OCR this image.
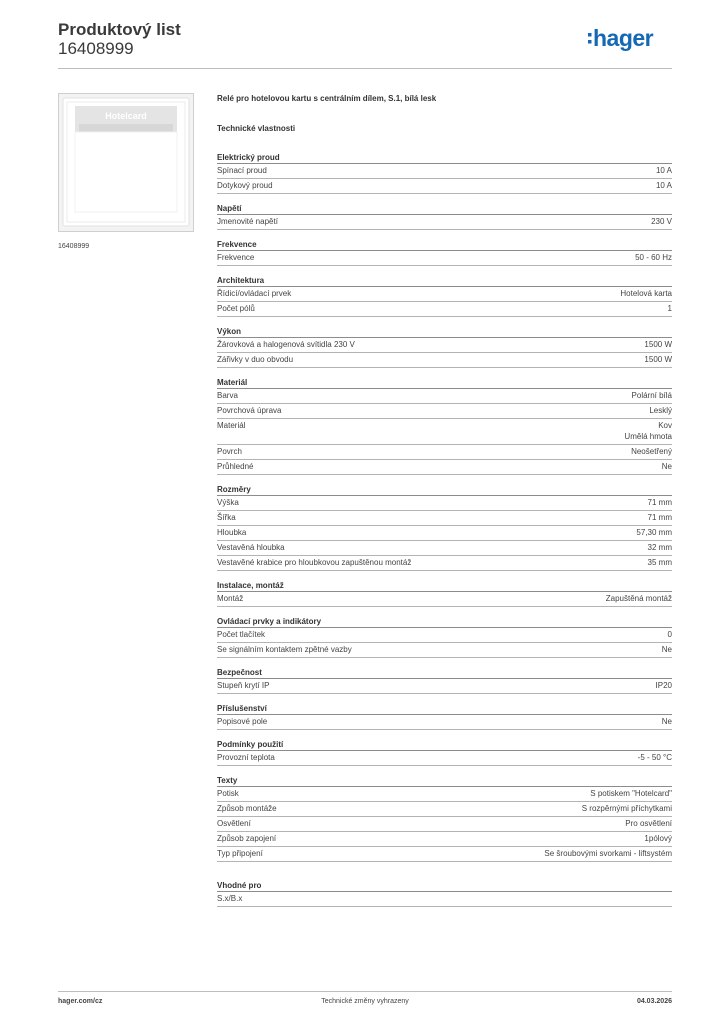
Produktový list
16408999	hager
Hotelcard
16408999
Relé pro hotelovou kartu s centrálním dílem, S.1, bílá lesk
Technické vlastnosti
Elektrický proud
Spínací proud	10 A
Dotykový proud	10 A
Napětí
Jmenovité napětí	230 V
Frekvence
Frekvence	50 - 60 Hz
Architektura
Řídicí/ovládací prvek	Hotelová karta
Počet pólů	1
Výkon
Žárovková a halogenová svítidla 230 V	1500 W
Zářivky v duo obvodu	1500 W
Materiál
Barva	Polární bílá
Povrchová úprava	Lesklý
Materiál	Kov
Umělá hmota
Povrch	Neošetřený
Průhledné	Ne
Rozměry
Výška	71 mm
Šířka	71 mm
Hloubka	57,30 mm
Vestavěná hloubka	32 mm
Vestavěné krabice pro hloubkovou zapuštěnou montáž	35 mm
Instalace, montáž
Montáž	Zapuštěná montáž
Ovládací prvky a indikátory
Počet tlačítek	0
Se signálním kontaktem zpětné vazby	Ne
Bezpečnost
Stupeň krytí IP	IP20
Příslušenství
Popisové pole	Ne
Podmínky použití
Provozní teplota	-5 - 50 °C
Texty
Potisk	S potiskem "Hotelcard"
Způsob montáže	S rozpěrnými příchytkami
Osvětlení	Pro osvětlení
Způsob zapojení	1pólový
Typ připojení	Se šroubovými svorkami - liftsystém
Vhodné pro
S.x/B.x
hager.com/cz	Technické změny vyhrazeny	04.03.2026
